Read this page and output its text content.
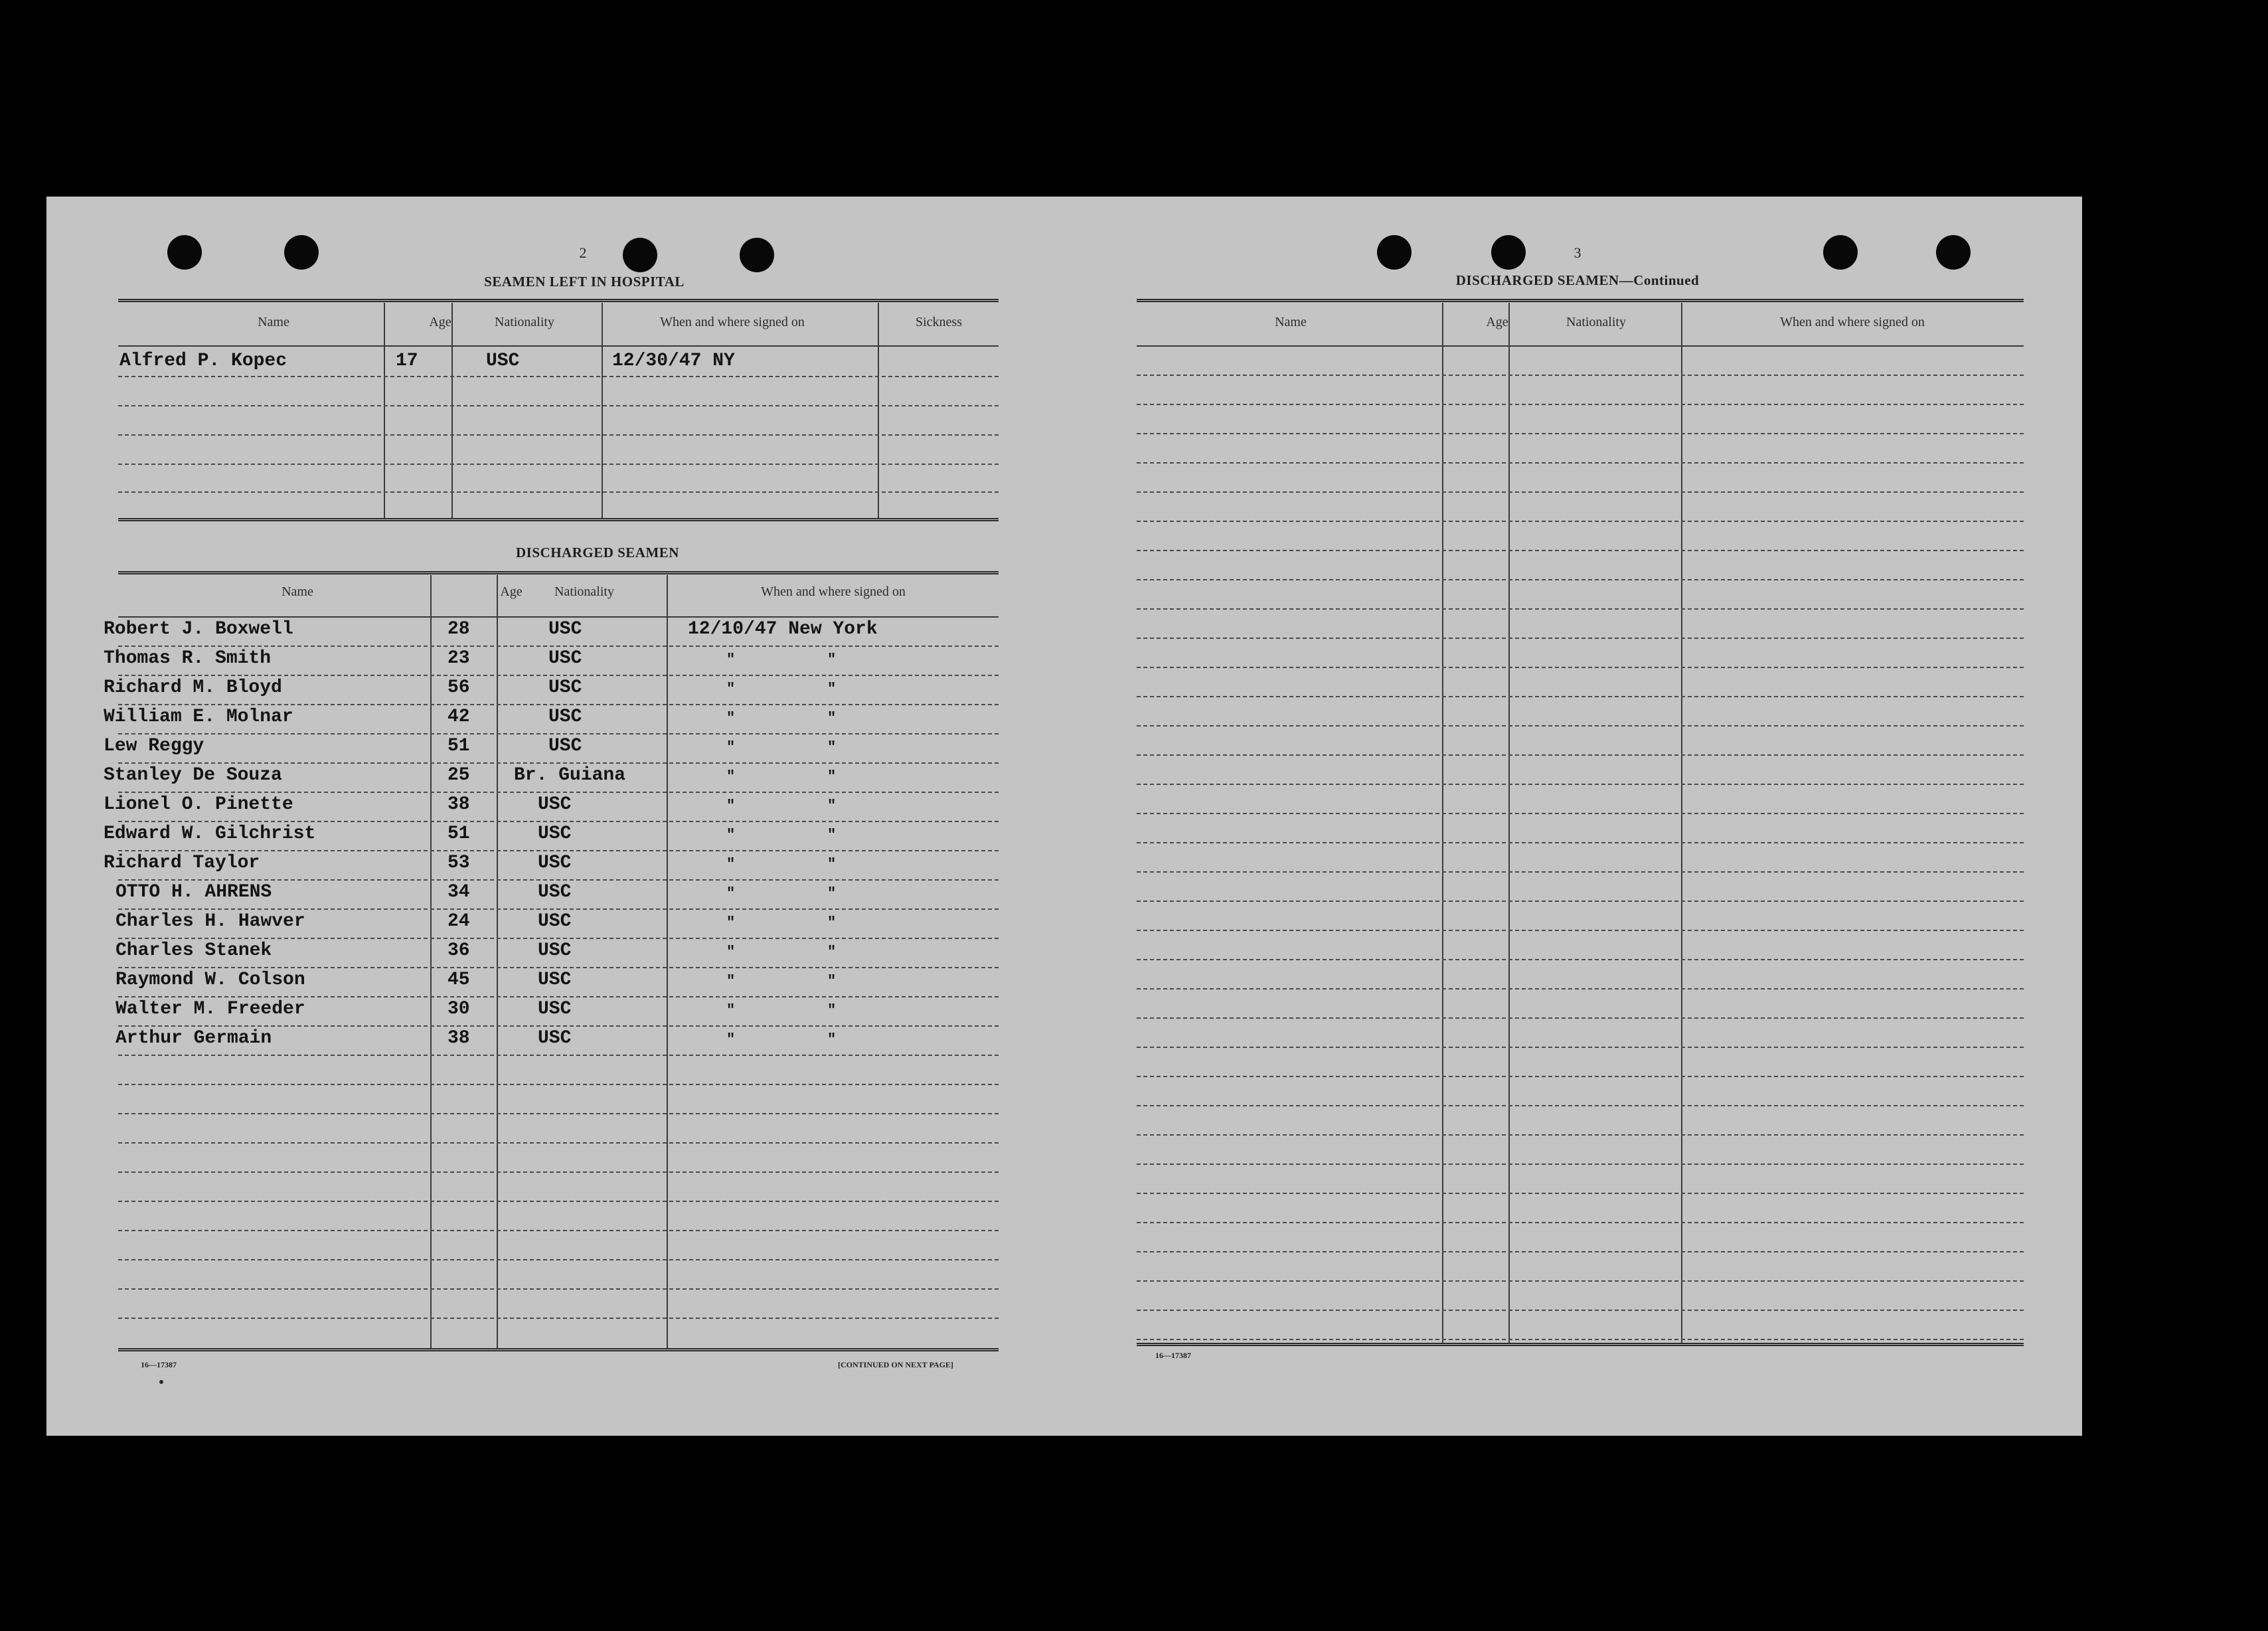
2
SEAMEN LEFT IN HOSPITAL
Name	Age	Nationality	When and where signed on	Sickness
Alfred P. Kopec	17	USC	12/30/47 NY
DISCHARGED SEAMEN
Name	Age	Nationality	When and where signed on
Robert J. Boxwell	28	USC	12/10/47 New York
Thomas R. Smith	23	USC	"	"
Richard M. Bloyd	56	USC	"	"
William E. Molnar	42	USC	"	"
Lew Reggy	51	USC	"	"
Stanley De Souza	25 Br. Guiana	"	"
Lionel O. Pinette	38	USC	"	"
Edward W. Gilchrist	51	USC	"	"
Richard Taylor	53	USC	"	"
OTTO H. AHRENS	34	USC	"	"
Charles H. Hawver	24	USC	"	"
Charles Stanek	36	USC	"	"
Raymond W. Colson	45	USC	"	"
Walter M. Freeder	30	USC	"	"
Arthur Germain	38	USC	"	"
16—17387	[CONTINUED ON NEXT PAGE]
3
DISCHARGED SEAMEN—Continued
Name	Age	Nationality	When and where signed on
16—17387
